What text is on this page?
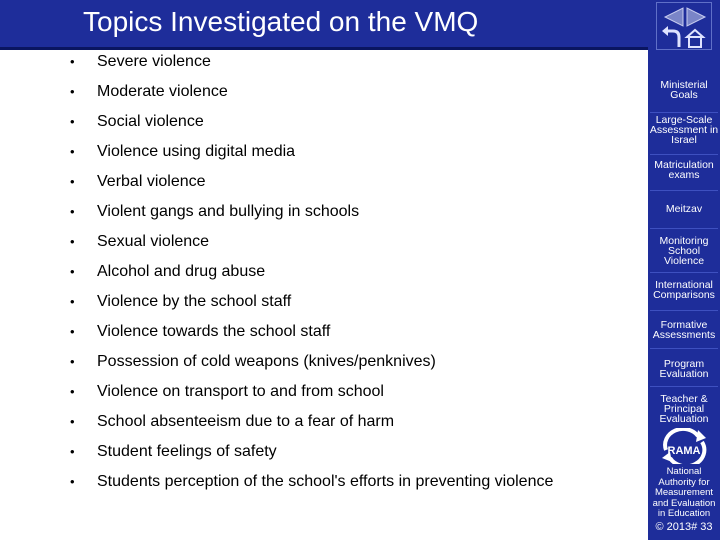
Topics Investigated on the VMQ
• Severe violence
• Moderate violence
• Social violence
• Violence using digital media
• Verbal violence
• Violent gangs and bullying in schools
• Sexual violence
• Alcohol and drug abuse
• Violence by the school staff
• Violence towards the school staff
• Possession of cold weapons (knives/penknives)
• Violence on transport to and from school
• School absenteeism due to a fear of harm
• Student feelings of safety
• Students perception of the school's efforts in preventing violence
Ministerial Goals
Large-Scale Assessment in Israel
Matriculation exams
Meitzav
Monitoring School Violence
International Comparisons
Formative Assessments
Program Evaluation
Teacher & Principal Evaluation
RAMA
National Authority for Measurement and Evaluation in Education
© 2013# 33
